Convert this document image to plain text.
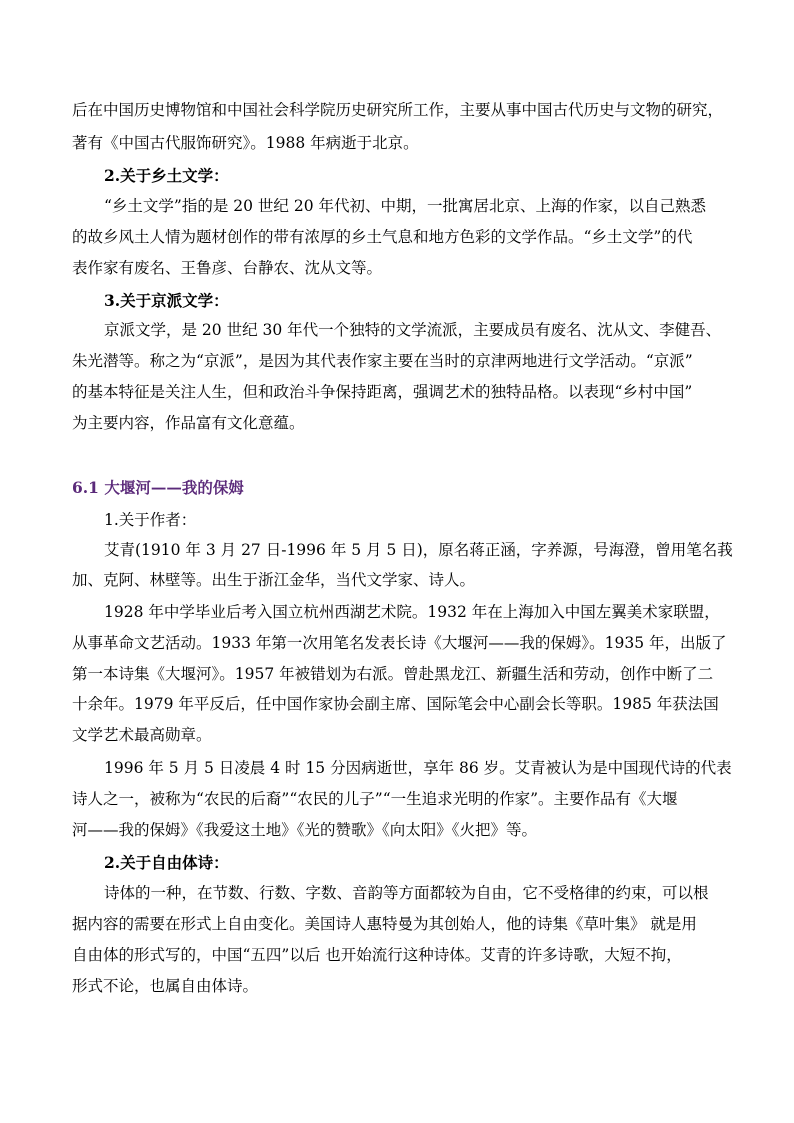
后在中国历史博物馆和中国社会科学院历史研究所工作，主要从事中国古代历史与文物的研究，
著有《中国古代服饰研究》。1988 年病逝于北京。
2.关于乡土文学：
“乡土文学”指的是 20 世纪 20 年代初、中期，一批寓居北京、上海的作家，以自己熟悉
的故乡风土人情为题材创作的带有浓厚的乡土气息和地方色彩的文学作品。“乡土文学”的代
表作家有废名、王鲁彦、台静农、沈从文等。
3.关于京派文学：
京派文学，是 20 世纪 30 年代一个独特的文学流派，主要成员有废名、沈从文、李健吾、
朱光潜等。称之为“京派”，是因为其代表作家主要在当时的京津两地进行文学活动。“京派”
的基本特征是关注人生，但和政治斗争保持距离，强调艺术的独特品格。以表现“乡村中国”
为主要内容，作品富有文化意蕴。
6.1 大堰河——我的保姆
1.关于作者：
艾青(1910 年 3 月 27 日-1996 年 5 月 5 日)，原名蒋正涵，字养源，号海澄，曾用笔名莪
加、克阿、林壁等。出生于浙江金华，当代文学家、诗人。
1928 年中学毕业后考入国立杭州西湖艺术院。1932 年在上海加入中国左翼美术家联盟，
从事革命文艺活动。1933 年第一次用笔名发表长诗《大堰河——我的保姆》。1935 年，出版了
第一本诗集《大堰河》。1957 年被错划为右派。曾赴黑龙江、新疆生活和劳动，创作中断了二
十余年。1979 年平反后，任中国作家协会副主席、国际笔会中心副会长等职。1985 年获法国
文学艺术最高勋章。
1996 年 5 月 5 日凌晨 4 时 15 分因病逝世，享年 86 岁。艾青被认为是中国现代诗的代表
诗人之一，被称为“农民的后裔”“农民的儿子”“一生追求光明的作家”。主要作品有《大堰
河——我的保姆》《我爱这土地》《光的赞歌》《向太阳》《火把》等。
2.关于自由体诗：
诗体的一种，在节数、行数、字数、音韵等方面都较为自由，它不受格律的约束，可以根
据内容的需要在形式上自由变化。美国诗人惠特曼为其创始人，他的诗集《草叶集》 就是用
自由体的形式写的，中国“五四”以后 也开始流行这种诗体。艾青的许多诗歌，大短不拘，
形式不论，也属自由体诗。
